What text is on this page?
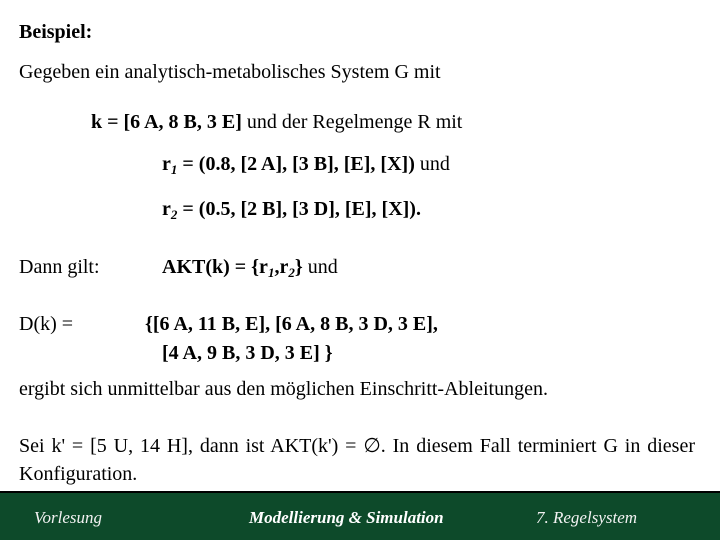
Beispiel:
Gegeben ein analytisch-metabolisches System G mit
k = [6 A, 8 B, 3 E] und der Regelmenge R mit
$r_1 = (0.8$, [2 A], [3 B], [E], [X]) und
$r_2 = (0.5$, [2 B], [3 D], [E], [X]).
Dann gilt:	$AKT(k) = \{r_1,r_2\}$ und
D(k) =	{[6 A, 11 B, E], [6 A, 8 B, 3 D, 3 E],
[4 A, 9 B, 3 D, 3 E] }
ergibt sich unmittelbar aus den möglichen Einschritt-Ableitungen.
Sei k' = [5 U, 14 H], dann ist AKT(k') = ∅. In diesem Fall terminiert G in dieser Konfiguration.
Vorlesung	Modellierung & Simulation	7. Regelsystem
